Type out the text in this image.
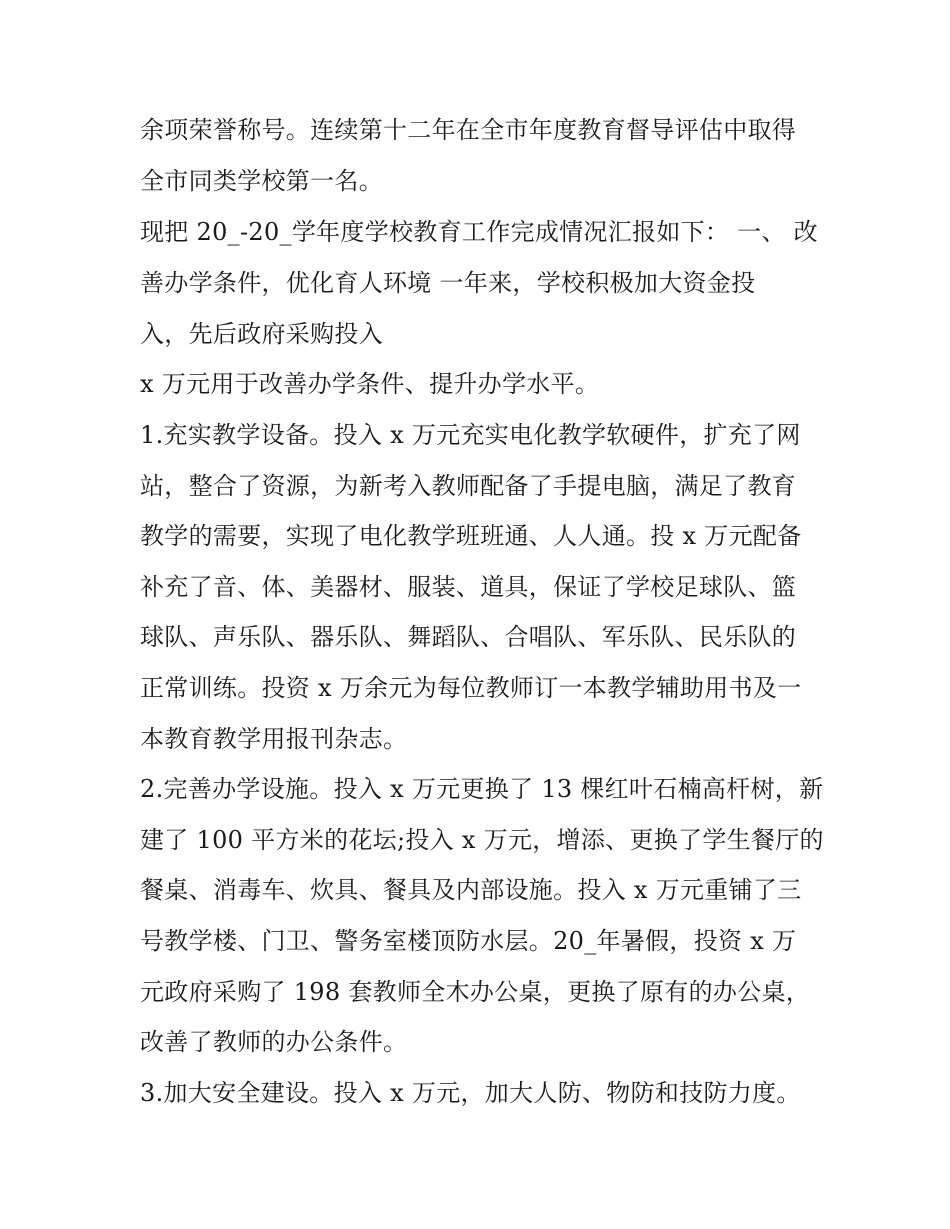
余项荣誉称号。连续第十二年在全市年度教育督导评估中取得
全市同类学校第一名。
现把 20_-20_学年度学校教育工作完成情况汇报如下： 一、 改
善办学条件，优化育人环境 一年来，学校积极加大资金投
入，先后政府采购投入
x 万元用于改善办学条件、提升办学水平。
1.充实教学设备。投入 x 万元充实电化教学软硬件，扩充了网
站，整合了资源，为新考入教师配备了手提电脑，满足了教育
教学的需要，实现了电化教学班班通、人人通。投 x 万元配备
补充了音、体、美器材、服装、道具，保证了学校足球队、篮
球队、声乐队、器乐队、舞蹈队、合唱队、军乐队、民乐队的
正常训练。投资 x 万余元为每位教师订一本教学辅助用书及一
本教育教学用报刊杂志。
2.完善办学设施。投入 x 万元更换了 13 棵红叶石楠高杆树，新
建了 100 平方米的花坛;投入 x 万元，增添、更换了学生餐厅的
餐桌、消毒车、炊具、餐具及内部设施。投入 x 万元重铺了三
号教学楼、门卫、警务室楼顶防水层。20_年暑假，投资 x 万
元政府采购了 198 套教师全木办公桌，更换了原有的办公桌，
改善了教师的办公条件。
3.加大安全建设。投入 x 万元，加大人防、物防和技防力度。
